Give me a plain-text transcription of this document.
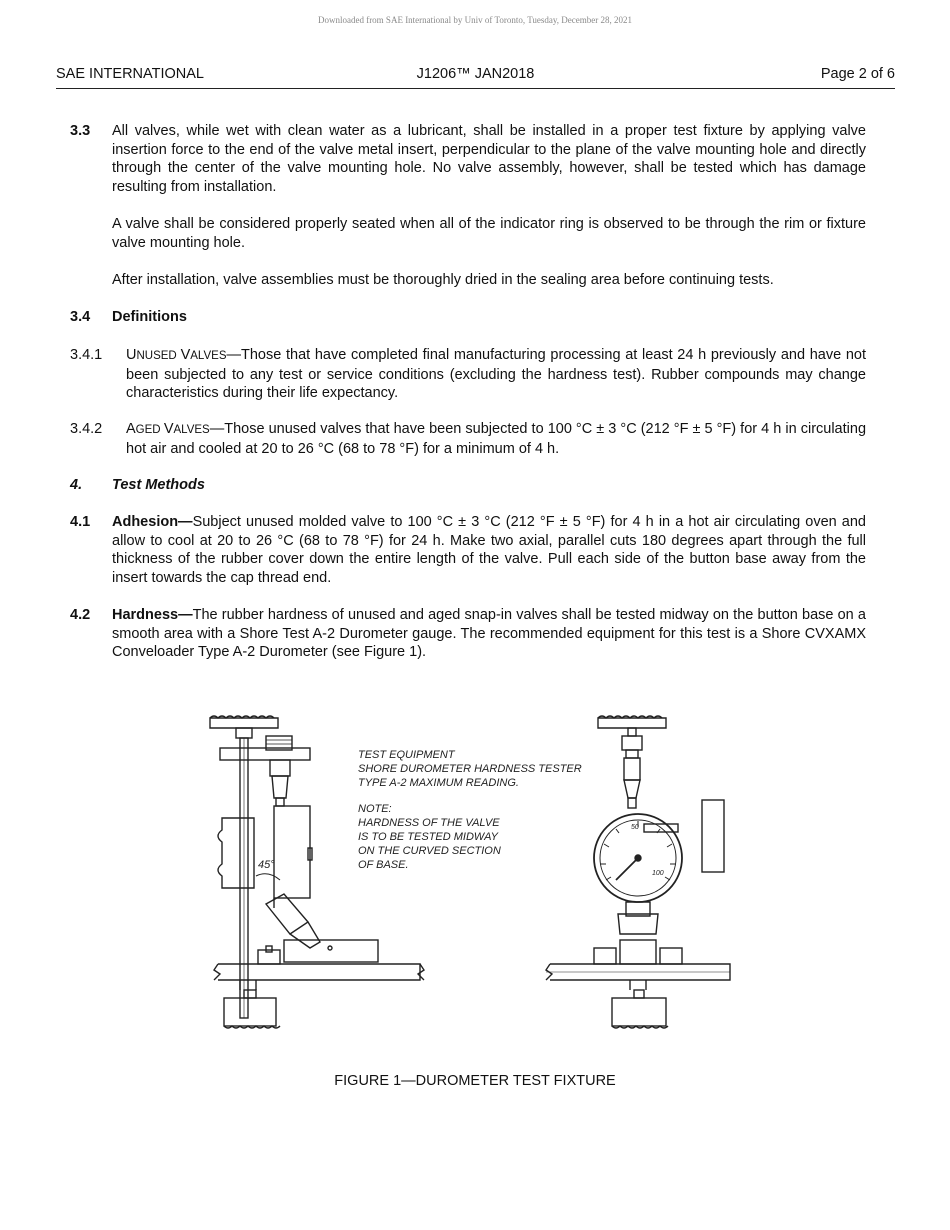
Downloaded from SAE International by Univ of Toronto, Tuesday, December 28, 2021
SAE INTERNATIONAL	J1206™ JAN2018	Page 2 of 6
3.3 All valves, while wet with clean water as a lubricant, shall be installed in a proper test fixture by applying valve insertion force to the end of the valve metal insert, perpendicular to the plane of the valve mounting hole and directly through the center of the valve mounting hole. No valve assembly, however, shall be tested which has damage resulting from installation.
A valve shall be considered properly seated when all of the indicator ring is observed to be through the rim or fixture valve mounting hole.
After installation, valve assemblies must be thoroughly dried in the sealing area before continuing tests.
3.4 Definitions
3.4.1 UNUSED VALVES—Those that have completed final manufacturing processing at least 24 h previously and have not been subjected to any test or service conditions (excluding the hardness test). Rubber compounds may change characteristics during their life expectancy.
3.4.2 AGED VALVES—Those unused valves that have been subjected to 100 °C ± 3 °C (212 °F ± 5 °F) for 4 h in circulating hot air and cooled at 20 to 26 °C (68 to 78 °F) for a minimum of 4 h.
4. Test Methods
4.1 Adhesion—Subject unused molded valve to 100 °C ± 3 °C (212 °F ± 5 °F) for 4 h in a hot air circulating oven and allow to cool at 20 to 26 °C (68 to 78 °F) for 24 h. Make two axial, parallel cuts 180 degrees apart through the full thickness of the rubber cover down the entire length of the valve. Pull each side of the button base away from the insert towards the cap thread end.
4.2 Hardness—The rubber hardness of unused and aged snap-in valves shall be tested midway on the button base on a smooth area with a Shore Test A-2 Durometer gauge. The recommended equipment for this test is a Shore CVXAMX Conveloader Type A-2 Durometer (see Figure 1).
45°
50
100
TEST EQUIPMENT
SHORE DUROMETER HARDNESS TESTER
TYPE A-2 MAXIMUM READING.
NOTE:
HARDNESS OF THE VALVE
IS TO BE TESTED MIDWAY
ON THE CURVED SECTION
OF BASE.
FIGURE 1—DUROMETER TEST FIXTURE
